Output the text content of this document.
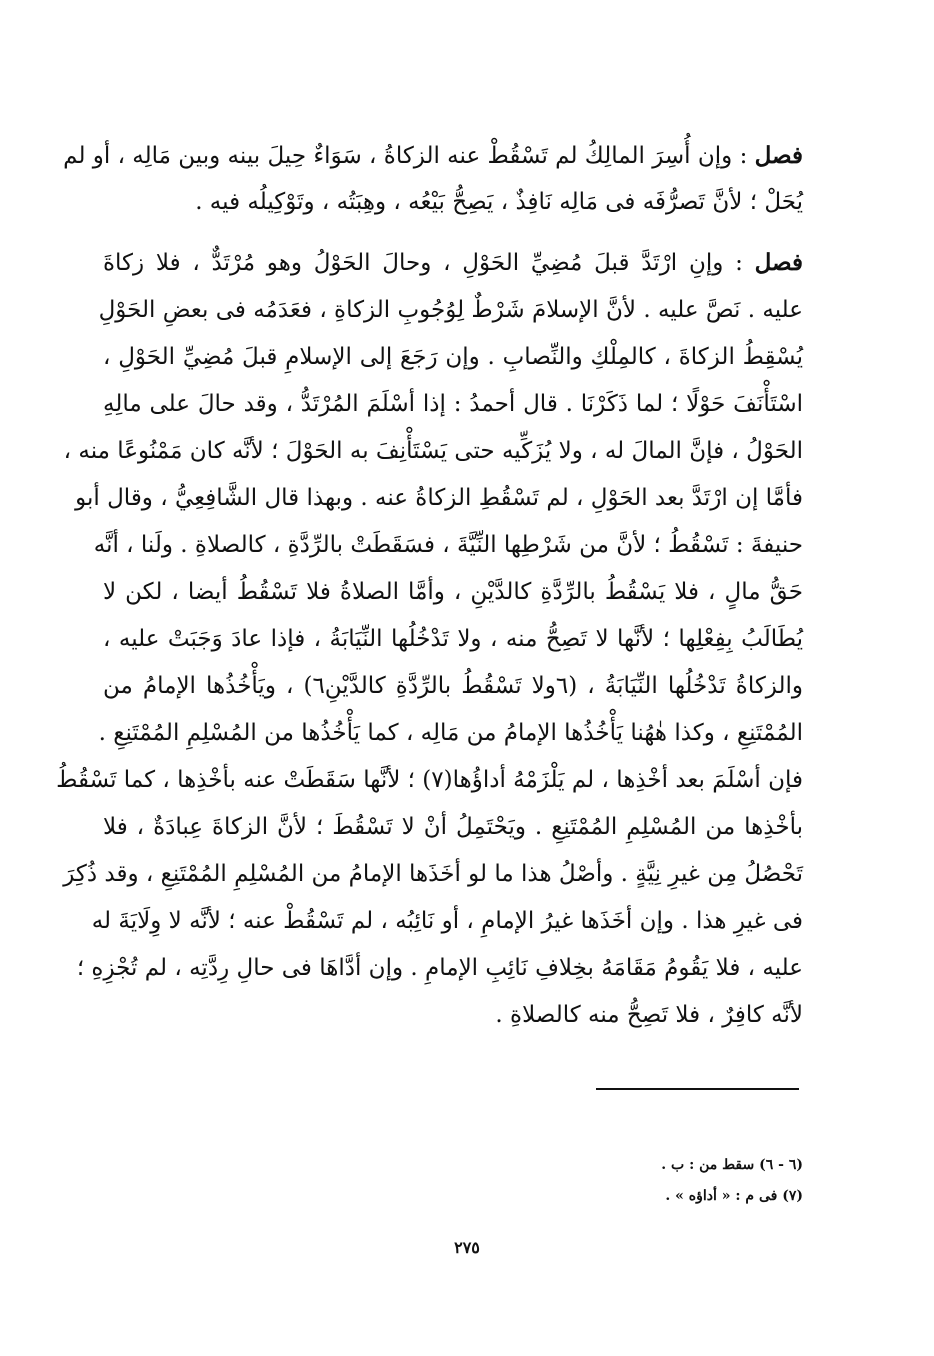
فصل : وإن أُسِرَ المالِكُ لم تَسْقُطْ عنه الزكاةُ ، سَوَاءٌ حِيلَ بينه وبين مَالِه ، أو لم
يُحَلْ ؛ لأنَّ تَصرُّفَه فى مَالِه نَافِذٌ ، يَصِحُّ بَيْعُه ، وهِبَتُه ، وتَوْكِيلُه فيه .
فصل : وإنِ ارْتَدَّ قبلَ مُضِيِّ الحَوْلِ ، وحالَ الحَوْلُ وهو مُرْتَدٌّ ، فلا زكاةَ
عليه . نَصَّ عليه . لأنَّ الإسلامَ شَرْطٌ لِوُجُوبِ الزكاةِ ، فعَدَمُه فى بعضِ الحَوْلِ
يُسْقِطُ الزكاةَ ، كالمِلْكِ والنِّصابِ . وإن رَجَعَ إلى الإسلامِ قبلَ مُضِيِّ الحَوْلِ ،
اسْتَأْنَفَ حَوْلًا ؛ لما ذَكَرْنَا . قال أحمدُ : إذا أسْلَمَ المُرْتَدُّ ، وقد حالَ على مالِهِ
الحَوْلُ ، فإنَّ المالَ له ، ولا يُزَكِّيه حتى يَسْتَأْنِفَ به الحَوْلَ ؛ لأنَّه كان مَمْنُوعًا منه ،
فأمَّا إن ارْتَدَّ بعد الحَوْلِ ، لم تَسْقُطِ الزكاةُ عنه . وبهذا قال الشَّافِعِيُّ ، وقال أبو
حنيفةَ : تَسْقُطُ ؛ لأنَّ من شَرْطِها النِّيَّةَ ، فسَقَطَتْ بالرِّدَّةِ ، كالصلاةِ . ولَنا ، أنَّه
حَقُّ مالٍ ، فلا يَسْقُطُ بالرِّدَّةِ كالدَّيْنِ ، وأمَّا الصلاةُ فلا تَسْقُطُ أيضا ، لكن لا
يُطَالَبُ بِفِعْلِها ؛ لأنَّها لا تَصِحُّ منه ، ولا تَدْخُلُها النِّيَابَةُ ، فإذا عادَ وَجَبَتْ عليه ،
والزكاةُ تَدْخُلُها النِّيَابَةُ ، (٦ولا تَسْقُطُ بالرِّدَّةِ كالدَّيْنِ٦) ، ويَأْخُذُها الإمامُ من
المُمْتَنِعِ ، وكذا هٰهُنا يَأْخُذُها الإمامُ من مَالِه ، كما يَأْخُذُها من المُسْلِمِ المُمْتَنِعِ .
فإن أسْلَمَ بعد أخْذِها ، لم يَلْزَمْهُ أداؤُها(٧) ؛ لأنَّها سَقَطَتْ عنه بأخْذِها ، كما تَسْقُطُ
بأخْذِها من المُسْلِمِ المُمْتَنِعِ . ويَحْتَمِلُ أنْ لا تَسْقُطَ ؛ لأنَّ الزكاةَ عِبادَةٌ ، فلا
تَحْصُلُ مِن غيرِ نِيَّةٍ . وأصْلُ هذا ما لو أخَذَها الإمامُ من المُسْلِمِ المُمْتَنِعِ ، وقد ذُكِرَ
فى غيرِ هذا . وإن أخَذَها غيرُ الإمامِ ، أو نَائِبُه ، لم تَسْقُطْ عنه ؛ لأنَّه لا وِلَايَةَ له
عليه ، فلا يَقُومُ مَقَامَهُ بخِلافِ نَائِبِ الإمامِ . وإن أدَّاهَا فى حالِ رِدَّتِه ، لم تُجْزِهِ ؛
لأنَّه كافِرٌ ، فلا تَصِحُّ منه كالصلاةِ .
(٦ - ٦) سقط من : ب .
(٧) فى م : « أداؤه » .
٢٧٥
